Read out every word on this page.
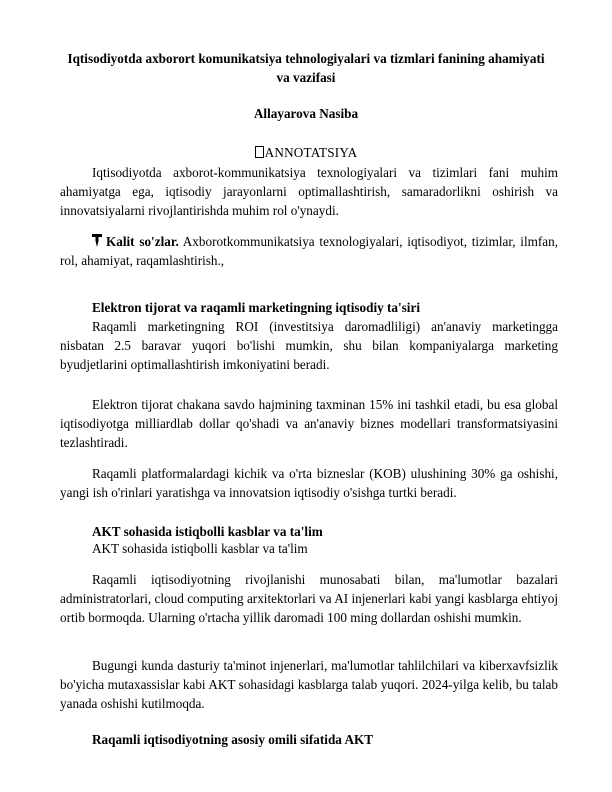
Iqtisodiyotda axborort komunikatsiya tehnologiyalari va tizmlari fanining ahamiyati va vazifasi
Allayarova Nasiba
ANNOTATSIYA

Iqtisodiyotda axborot-kommunikatsiya texnologiyalari va tizimlari fani muhim ahamiyatga ega, iqtisodiy jarayonlarni optimallashtirish, samaradorlikni oshirish va innovatsiyalarni rivojlantirishda muhim rol o'ynaydi.

Kalit so'zlar. Axborotkommunikatsiya texnologiyalari, iqtisodiyot, tizimlar, ilmfan, rol, ahamiyat, raqamlashtirish.,

Elektron tijorat va raqamli marketingning iqtisodiy ta'siri

Raqamli marketingning ROI (investitsiya daromadliligi) an'anaviy marketingga nisbatan 2.5 baravar yuqori bo'lishi mumkin, shu bilan kompaniyalarga marketing byudjetlarini optimallashtirish imkoniyatini beradi.

Elektron tijorat chakana savdo hajmining taxminan 15% ini tashkil etadi, bu esa global iqtisodiyotga milliardlab dollar qo'shadi va an'anaviy biznes modellari transformatsiyasini tezlashtiradi.

Raqamli platformalardagi kichik va o'rta bizneslar (KOB) ulushining 30% ga oshishi, yangi ish o'rinlari yaratishga va innovatsion iqtisodiy o'sishga turtki beradi.

AKT sohasida istiqbolli kasblar va ta'lim
AKT sohasida istiqbolli kasblar va ta'lim

Raqamli iqtisodiyotning rivojlanishi munosabati bilan, ma'lumotlar bazalari administratorlari, cloud computing arxitektorlari va AI injenerlari kabi yangi kasblarga ehtiyoj ortib bormoqda. Ularning o'rtacha yillik daromadi 100 ming dollardan oshishi mumkin.

Bugungi kunda dasturiy ta'minot injenerlari, ma'lumotlar tahlilchilari va kiberxavfsizlik bo'yicha mutaxassislar kabi AKT sohasidagi kasblarga talab yuqori. 2024-yilga kelib, bu talab yanada oshishi kutilmoqda.

Raqamli iqtisodiyotning asosiy omili sifatida AKT
